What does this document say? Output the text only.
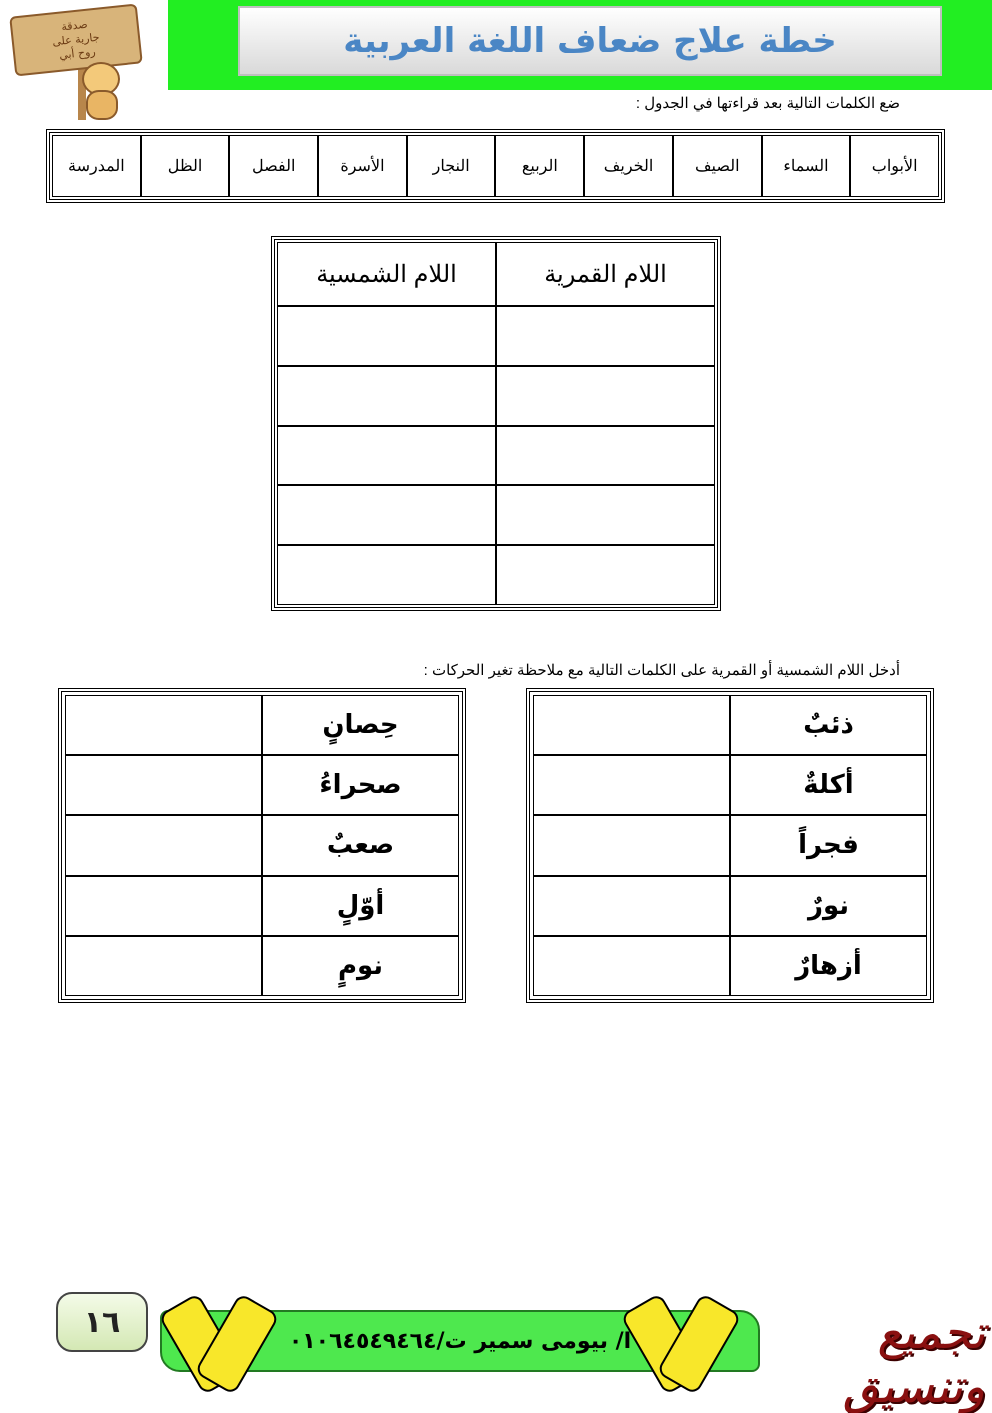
خطة علاج ضعاف اللغة العربية
صدقة
جارية على
روح أبي
ضع الكلمات التالية بعد قراءتها في الجدول :
الأبواب
السماء
الصيف
الخريف
الربيع
النجار
الأسرة
الفصل
الظل
المدرسة
اللام القمرية
اللام الشمسية
أدخل اللام الشمسية أو القمرية على الكلمات التالية مع ملاحظة تغير الحركات :
ذئبٌ
أكلةٌ
فجراً
نورٌ
أزهارٌ
حِصانٍ
صحراءُ
صعبٌ
أوّلٍ
نومٍ
١٦
ا/ بيومى سمير ت/٠١٠٦٤٥٤٩٤٦٤	تجميع وتنسيق
